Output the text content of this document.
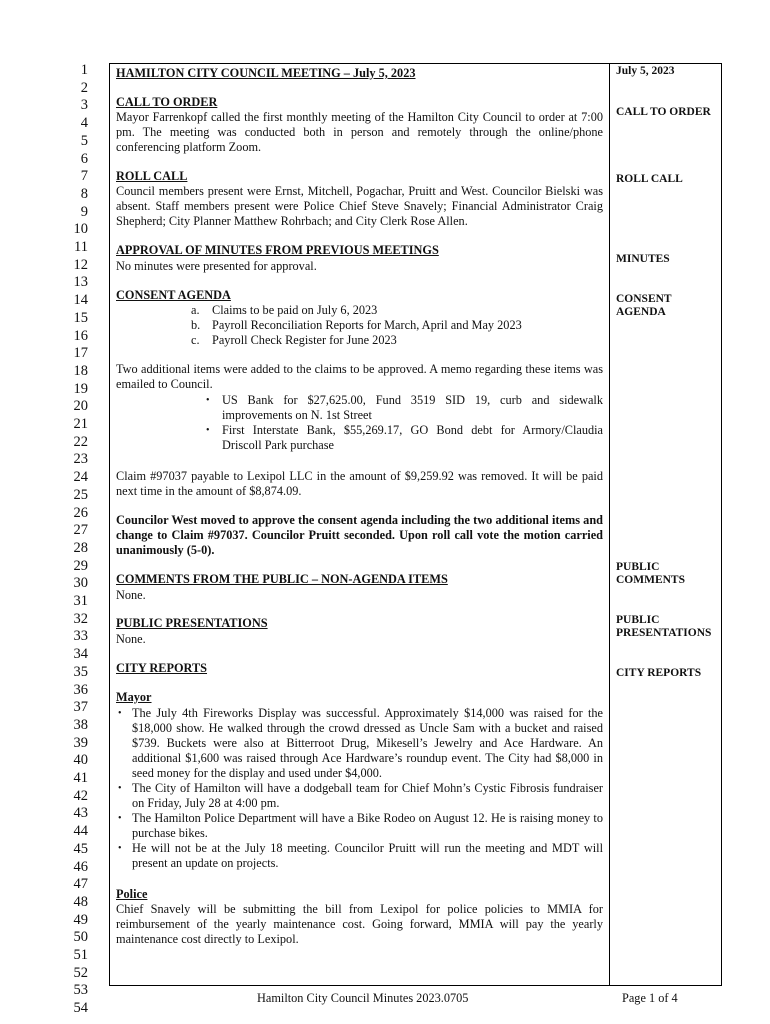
1
2
3
4
5
6
7
8
9
10
11
12
13
14
15
16
17
18
19
20
21
22
23
24
25
26
27
28
29
30
31
32
33
34
35
36
37
38
39
40
41
42
43
44
45
46
47
48
49
50
51
52
53
54
HAMILTON CITY COUNCIL MEETING – July 5, 2023
CALL TO ORDER
Mayor Farrenkopf called the first monthly meeting of the Hamilton City Council to order at 7:00 pm. The meeting was conducted both in person and remotely through the online/phone conferencing platform Zoom.
ROLL CALL
Council members present were Ernst, Mitchell, Pogachar, Pruitt and West. Councilor Bielski was absent. Staff members present were Police Chief Steve Snavely; Financial Administrator Craig Shepherd; City Planner Matthew Rohrbach; and City Clerk Rose Allen.
APPROVAL OF MINUTES FROM PREVIOUS MEETINGS
No minutes were presented for approval.
CONSENT AGENDA
a. Claims to be paid on July 6, 2023
b. Payroll Reconciliation Reports for March, April and May 2023
c. Payroll Check Register for June 2023
Two additional items were added to the claims to be approved. A memo regarding these items was emailed to Council.
• US Bank for $27,625.00, Fund 3519 SID 19, curb and sidewalk improvements on N. 1st Street
• First Interstate Bank, $55,269.17, GO Bond debt for Armory/Claudia Driscoll Park purchase
Claim #97037 payable to Lexipol LLC in the amount of $9,259.92 was removed. It will be paid next time in the amount of $8,874.09.
Councilor West moved to approve the consent agenda including the two additional items and change to Claim #97037. Councilor Pruitt seconded. Upon roll call vote the motion carried unanimously (5-0).
COMMENTS FROM THE PUBLIC – NON-AGENDA ITEMS
None.
PUBLIC PRESENTATIONS
None.
CITY REPORTS
Mayor
• The July 4th Fireworks Display was successful. Approximately $14,000 was raised for the $18,000 show. He walked through the crowd dressed as Uncle Sam with a bucket and raised $739. Buckets were also at Bitterroot Drug, Mikesell’s Jewelry and Ace Hardware. An additional $1,600 was raised through Ace Hardware’s roundup event. The City had $8,000 in seed money for the display and used under $4,000.
• The City of Hamilton will have a dodgeball team for Chief Mohn’s Cystic Fibrosis fundraiser on Friday, July 28 at 4:00 pm.
• The Hamilton Police Department will have a Bike Rodeo on August 12. He is raising money to purchase bikes.
• He will not be at the July 18 meeting. Councilor Pruitt will run the meeting and MDT will present an update on projects.
Police
Chief Snavely will be submitting the bill from Lexipol for police policies to MMIA for reimbursement of the yearly maintenance cost. Going forward, MMIA will pay the yearly maintenance cost directly to Lexipol.
July 5, 2023
CALL TO ORDER
ROLL CALL
MINUTES
CONSENT
AGENDA
PUBLIC
COMMENTS
PUBLIC
PRESENTATIONS
CITY REPORTS
Hamilton City Council Minutes 2023.0705	Page 1 of 4
